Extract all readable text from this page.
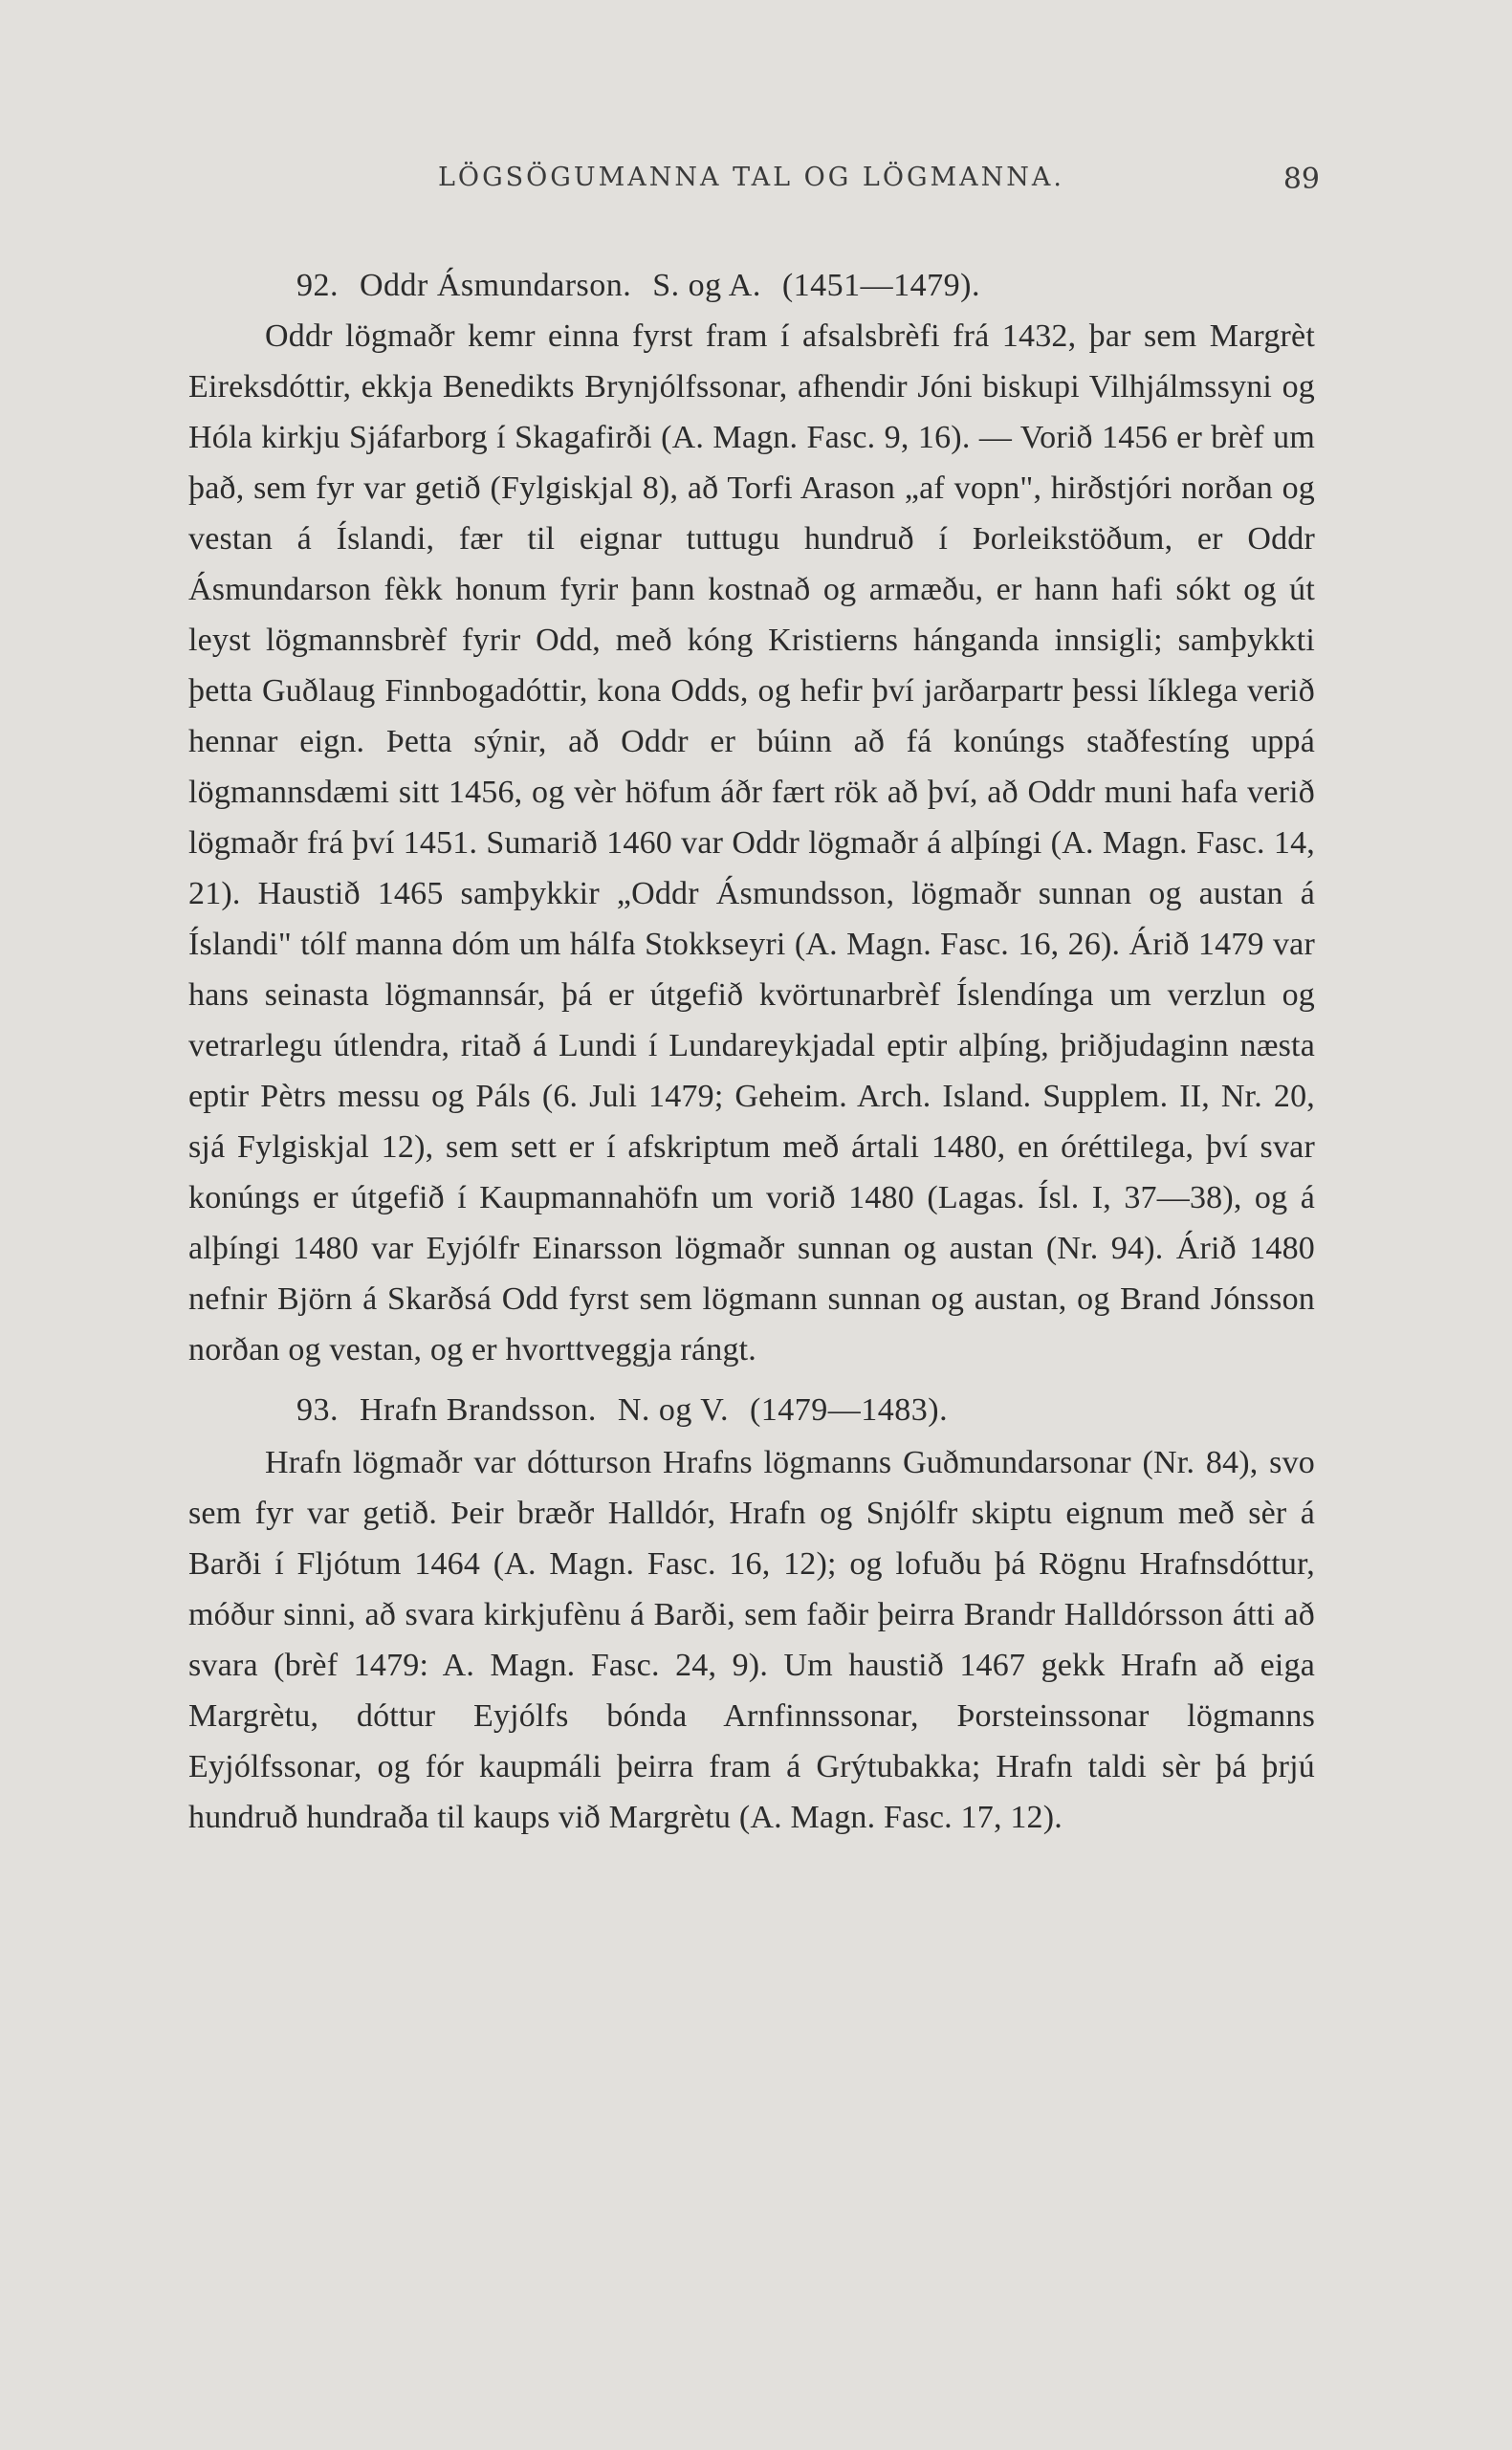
LÖGSÖGUMANNA TAL OG LÖGMANNA.	89

92. Oddr Ásmundarson. S. og A. (1451—1479).

Oddr lögmaðr kemr einna fyrst fram í afsalsbrèfi frá 1432, þar sem Margrèt Eireksdóttir, ekkja Benedikts Brynjólfssonar, afhendir Jóni biskupi Vilhjálmssyni og Hóla kirkju Sjáfarborg í Skagafirði (A. Magn. Fasc. 9, 16). — Vorið 1456 er brèf um það, sem fyr var getið (Fylgiskjal 8), að Torfi Arason „af vopn", hirðstjóri norðan og vestan á Íslandi, fær til eignar tuttugu hundruð í Þorleikstöðum, er Oddr Ásmundarson fèkk honum fyrir þann kostnað og armæðu, er hann hafi sókt og út leyst lögmannsbrèf fyrir Odd, með kóng Kristierns hánganda innsigli; samþykkti þetta Guðlaug Finnbogadóttir, kona Odds, og hefir því jarðarpartr þessi líklega verið hennar eign. Þetta sýnir, að Oddr er búinn að fá konúngs staðfestíng uppá lögmannsdæmi sitt 1456, og vèr höfum áðr fært rök að því, að Oddr muni hafa verið lögmaðr frá því 1451. Sumarið 1460 var Oddr lögmaðr á alþíngi (A. Magn. Fasc. 14, 21). Haustið 1465 samþykkir „Oddr Ásmundsson, lögmaðr sunnan og austan á Íslandi" tólf manna dóm um hálfa Stokkseyri (A. Magn. Fasc. 16, 26). Árið 1479 var hans seinasta lögmannsár, þá er útgefið kvörtunarbrèf Íslendínga um verzlun og vetrarlegu útlendra, ritað á Lundi í Lundareykjadal eptir alþíng, þriðjudaginn næsta eptir Pètrs messu og Páls (6. Juli 1479; Geheim. Arch. Island. Supplem. II, Nr. 20, sjá Fylgiskjal 12), sem sett er í afskriptum með ártali 1480, en óréttilega, því svar konúngs er útgefið í Kaupmannahöfn um vorið 1480 (Lagas. Ísl. I, 37—38), og á alþíngi 1480 var Eyjólfr Einarsson lögmaðr sunnan og austan (Nr. 94). Árið 1480 nefnir Björn á Skarðsá Odd fyrst sem lögmann sunnan og austan, og Brand Jónsson norðan og vestan, og er hvorttveggja rángt.

93. Hrafn Brandsson. N. og V. (1479—1483).

Hrafn lögmaðr var dótturson Hrafns lögmanns Guðmundarsonar (Nr. 84), svo sem fyr var getið. Þeir bræðr Halldór, Hrafn og Snjólfr skiptu eignum með sèr á Barði í Fljótum 1464 (A. Magn. Fasc. 16, 12); og lofuðu þá Rögnu Hrafnsdóttur, móður sinni, að svara kirkjufènu á Barði, sem faðir þeirra Brandr Halldórsson átti að svara (brèf 1479: A. Magn. Fasc. 24, 9). Um haustið 1467 gekk Hrafn að eiga Margrètu, dóttur Eyjólfs bónda Arnfinnssonar, Þorsteinssonar lögmanns Eyjólfssonar, og fór kaupmáli þeirra fram á Grýtubakka; Hrafn taldi sèr þá þrjú hundruð hundraða til kaups við Margrètu (A. Magn. Fasc. 17, 12).
